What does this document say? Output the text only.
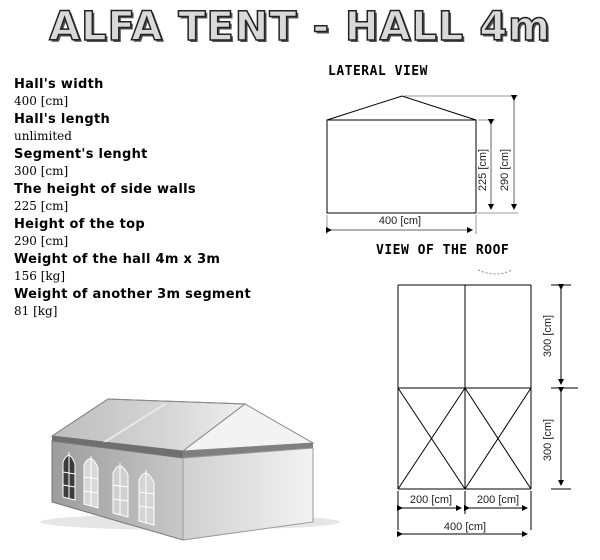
ALFA TENT - HALL 4m
Hall's width
400 [cm]
Hall's length
unlimited
Segment's lenght
300 [cm]
The height of side walls
225 [cm]
Height of the top
290 [cm]
Weight of the hall 4m x 3m
156 [kg]
Weight of another 3m segment
81 [kg]
LATERAL VIEW
VIEW OF THE ROOF
400 [cm]
225 [cm] 290 [cm]
300 [cm]
300 [cm]
200 [cm] 200 [cm]
400 [cm]
